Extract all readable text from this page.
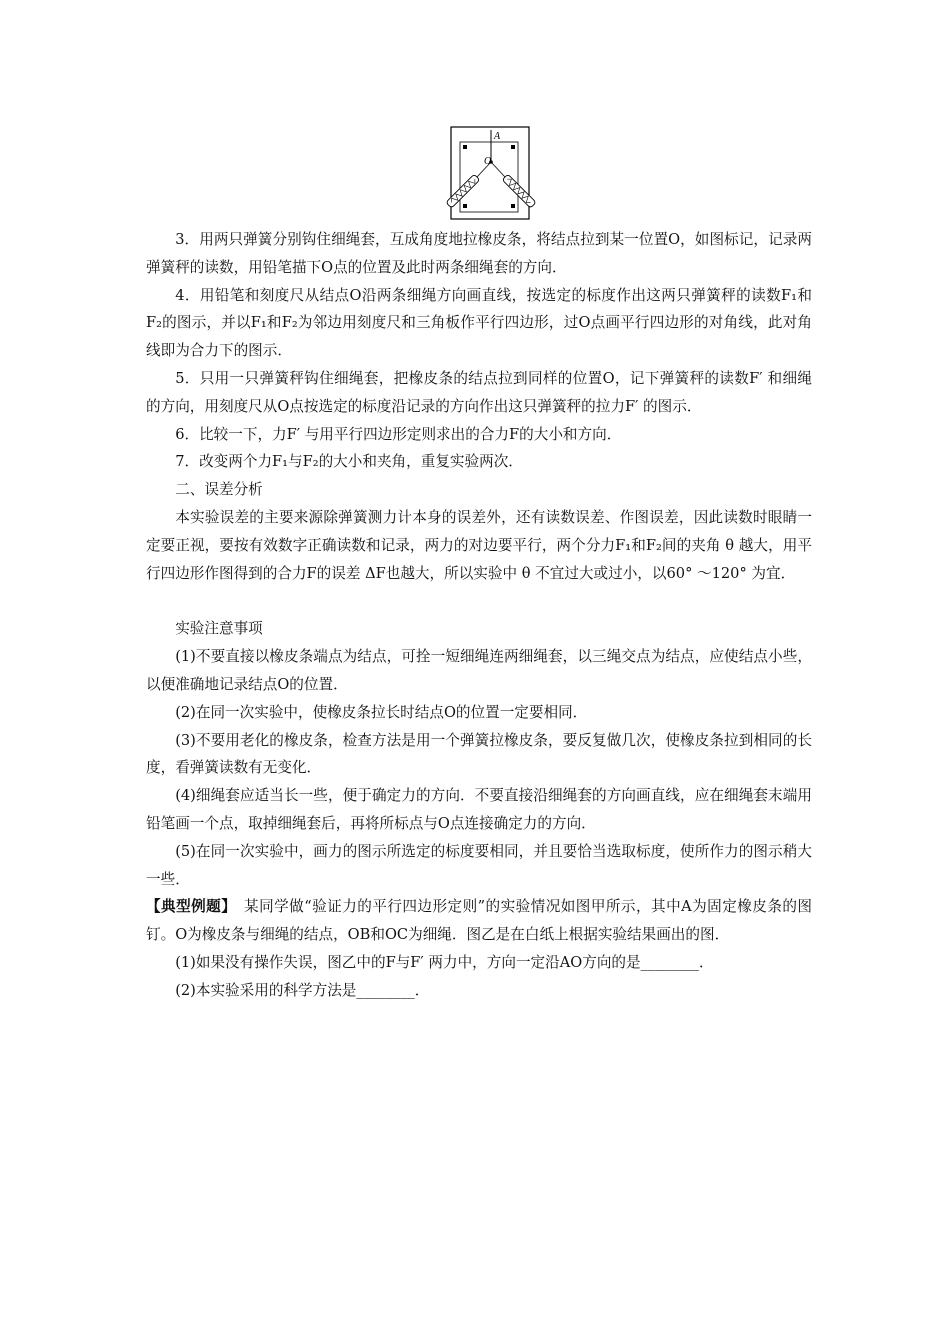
A
O

3．用两只弹簧分别钩住细绳套，互成角度地拉橡皮条，将结点拉到某一位置O，如图标记，记录两弹簧秤的读数，用铅笔描下O点的位置及此时两条细绳套的方向．

4．用铅笔和刻度尺从结点O沿两条细绳方向画直线，按选定的标度作出这两只弹簧秤的读数F₁和F₂的图示，并以F₁和F₂为邻边用刻度尺和三角板作平行四边形，过O点画平行四边形的对角线，此对角线即为合力下的图示．

5．只用一只弹簧秤钩住细绳套，把橡皮条的结点拉到同样的位置O，记下弹簧秤的读数F′ 和细绳的方向，用刻度尺从O点按选定的标度沿记录的方向作出这只弹簧秤的拉力F′ 的图示．

6．比较一下，力F′ 与用平行四边形定则求出的合力F的大小和方向．

7．改变两个力F₁与F₂的大小和夹角，重复实验两次．

二、误差分析

本实验误差的主要来源除弹簧测力计本身的误差外，还有读数误差、作图误差，因此读数时眼睛一定要正视，要按有效数字正确读数和记录，两力的对边要平行，两个分力F₁和F₂间的夹角 θ 越大，用平行四边形作图得到的合力F的误差 ΔF也越大，所以实验中 θ 不宜过大或过小，以60° ～120° 为宜．

实验注意事项

(1)不要直接以橡皮条端点为结点，可拴一短细绳连两细绳套，以三绳交点为结点，应使结点小些，以便准确地记录结点O的位置．

(2)在同一次实验中，使橡皮条拉长时结点O的位置一定要相同．

(3)不要用老化的橡皮条，检查方法是用一个弹簧拉橡皮条，要反复做几次，使橡皮条拉到相同的长度，看弹簧读数有无变化．

(4)细绳套应适当长一些，便于确定力的方向．不要直接沿细绳套的方向画直线，应在细绳套末端用铅笔画一个点，取掉细绳套后，再将所标点与O点连接确定力的方向．

(5)在同一次实验中，画力的图示所选定的标度要相同，并且要恰当选取标度，使所作力的图示稍大一些．

【典型例题】　某同学做“验证力的平行四边形定则”的实验情况如图甲所示，其中A为固定橡皮条的图钉。O为橡皮条与细绳的结点，OB和OC为细绳．图乙是在白纸上根据实验结果画出的图．

(1)如果没有操作失误，图乙中的F与F′ 两力中，方向一定沿AO方向的是________．

(2)本实验采用的科学方法是________．
